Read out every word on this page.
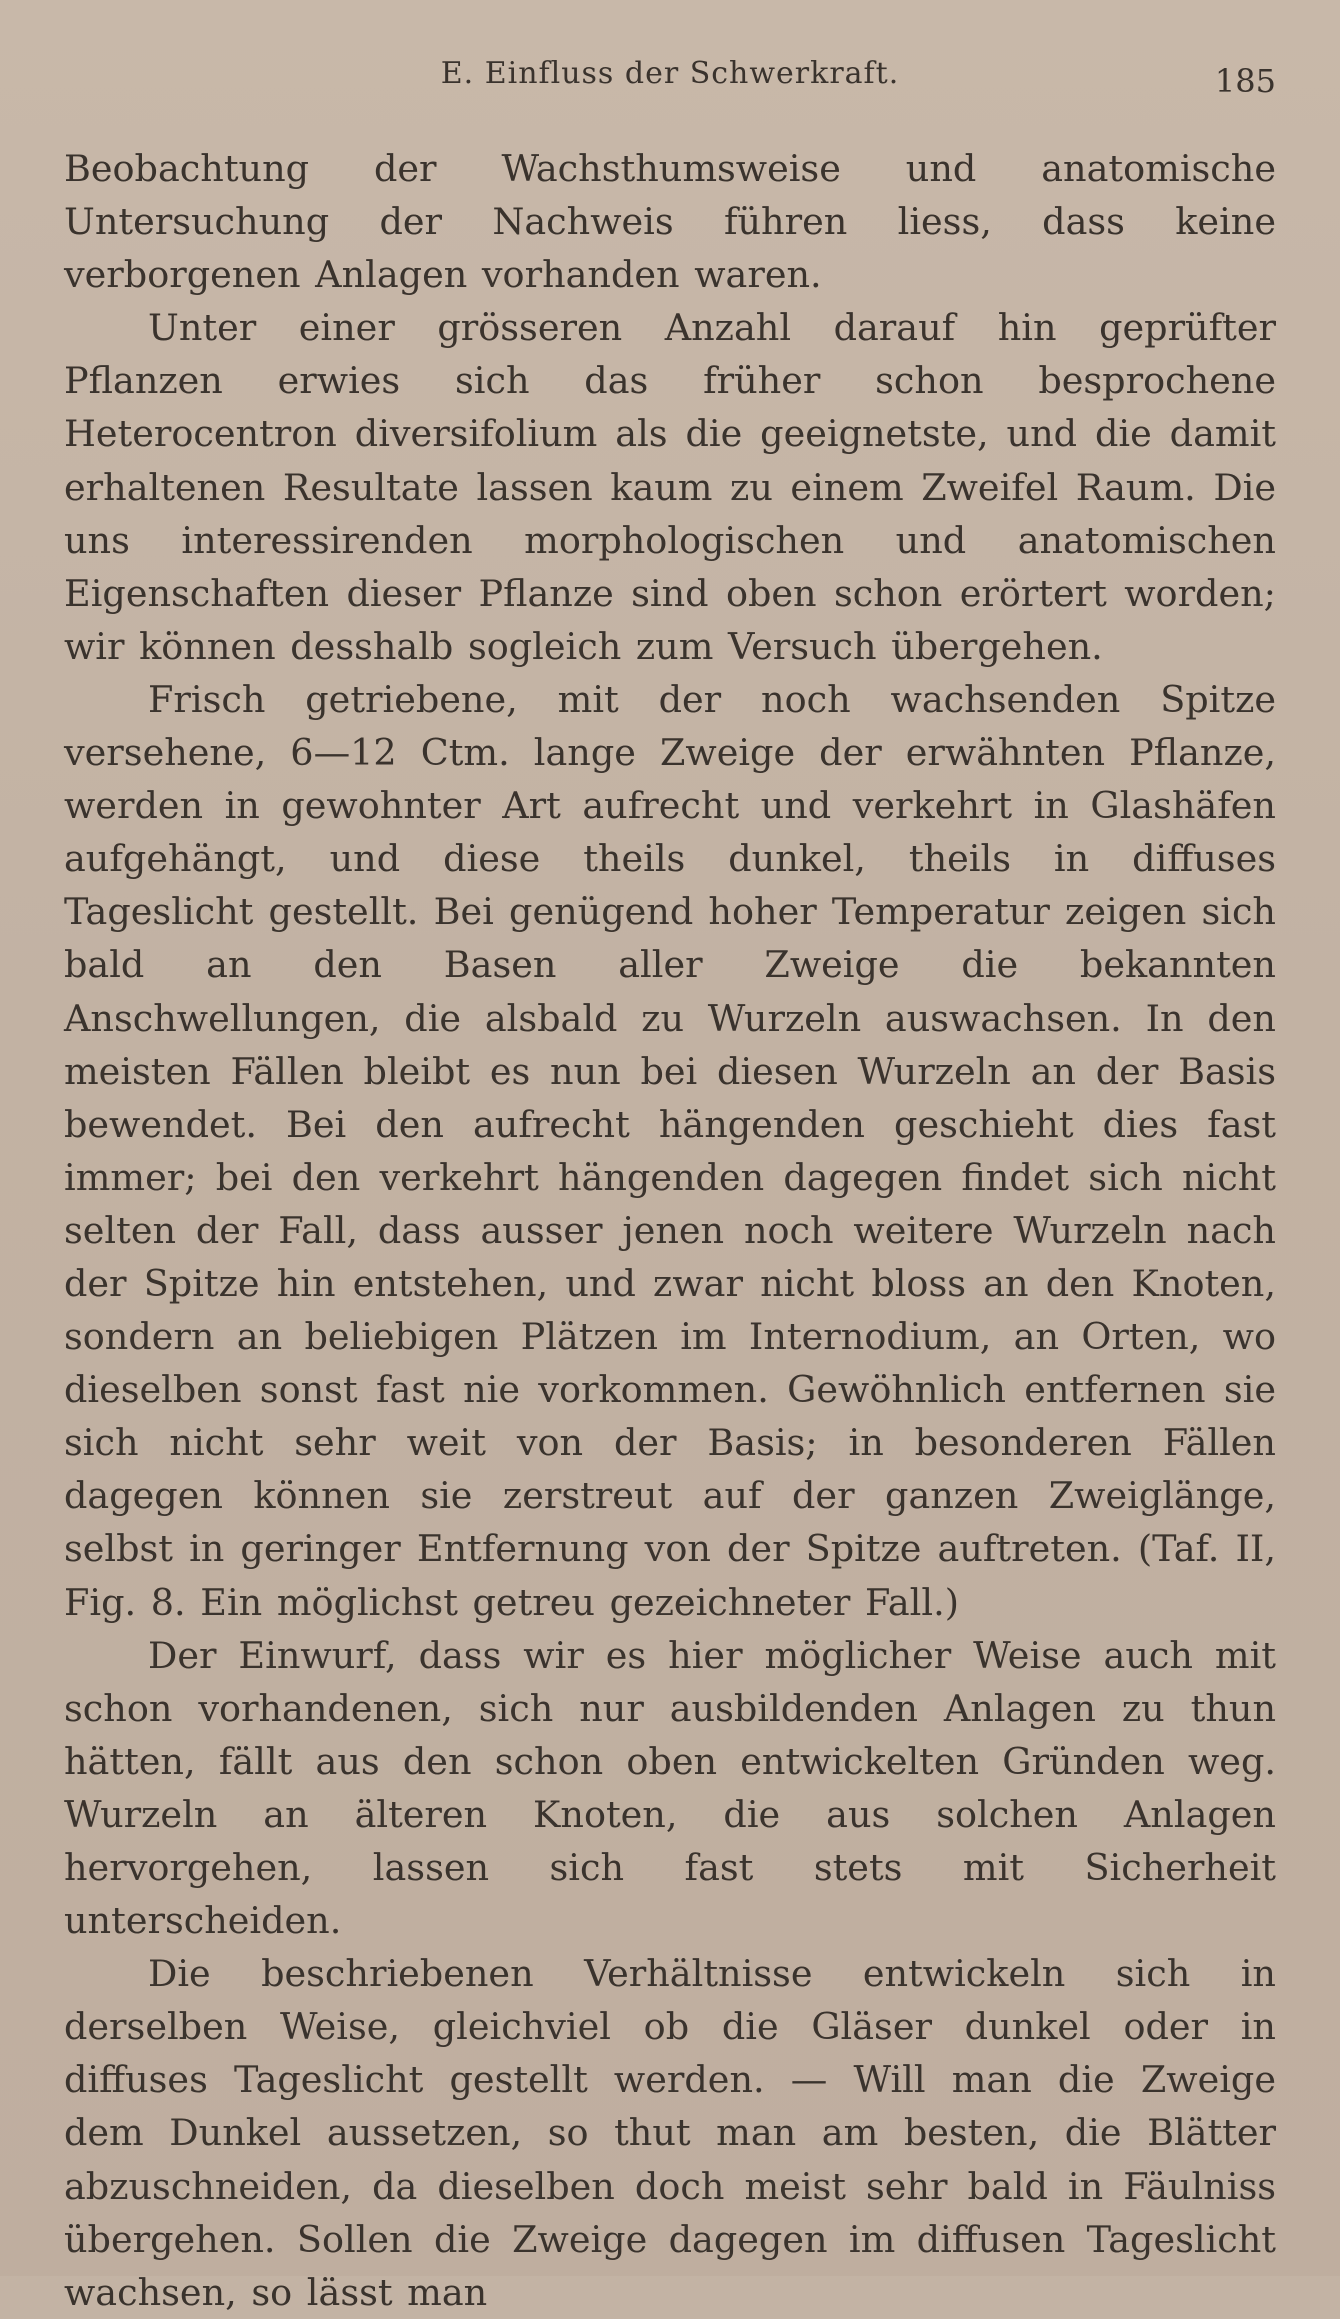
E. Einfluss der Schwerkraft.	185

Beobachtung der Wachsthumsweise und anatomische Untersuchung der Nachweis führen liess, dass keine verborgenen Anlagen vorhanden waren.

Unter einer grösseren Anzahl darauf hin geprüfter Pflanzen erwies sich das früher schon besprochene Heterocentron diversifolium als die geeignetste, und die damit erhaltenen Resultate lassen kaum zu einem Zweifel Raum. Die uns interessirenden morphologischen und anatomischen Eigenschaften dieser Pflanze sind oben schon erörtert worden; wir können desshalb sogleich zum Versuch übergehen.

Frisch getriebene, mit der noch wachsenden Spitze versehene, 6—12 Ctm. lange Zweige der erwähnten Pflanze, werden in gewohnter Art aufrecht und verkehrt in Glashäfen aufgehängt, und diese theils dunkel, theils in diffuses Tageslicht gestellt. Bei genügend hoher Temperatur zeigen sich bald an den Basen aller Zweige die bekannten Anschwellungen, die alsbald zu Wurzeln auswachsen. In den meisten Fällen bleibt es nun bei diesen Wurzeln an der Basis bewendet. Bei den aufrecht hängenden geschieht dies fast immer; bei den verkehrt hängenden dagegen findet sich nicht selten der Fall, dass ausser jenen noch weitere Wurzeln nach der Spitze hin entstehen, und zwar nicht bloss an den Knoten, sondern an beliebigen Plätzen im Internodium, an Orten, wo dieselben sonst fast nie vorkommen. Gewöhnlich entfernen sie sich nicht sehr weit von der Basis; in besonderen Fällen dagegen können sie zerstreut auf der ganzen Zweiglänge, selbst in geringer Entfernung von der Spitze auftreten. (Taf. II, Fig. 8. Ein möglichst getreu gezeichneter Fall.)

Der Einwurf, dass wir es hier möglicher Weise auch mit schon vorhandenen, sich nur ausbildenden Anlagen zu thun hätten, fällt aus den schon oben entwickelten Gründen weg. Wurzeln an älteren Knoten, die aus solchen Anlagen hervorgehen, lassen sich fast stets mit Sicherheit unterscheiden.

Die beschriebenen Verhältnisse entwickeln sich in derselben Weise, gleichviel ob die Gläser dunkel oder in diffuses Tageslicht gestellt werden. — Will man die Zweige dem Dunkel aussetzen, so thut man am besten, die Blätter abzuschneiden, da dieselben doch meist sehr bald in Fäulniss übergehen. Sollen die Zweige dagegen im diffusen Tageslicht wachsen, so lässt man
